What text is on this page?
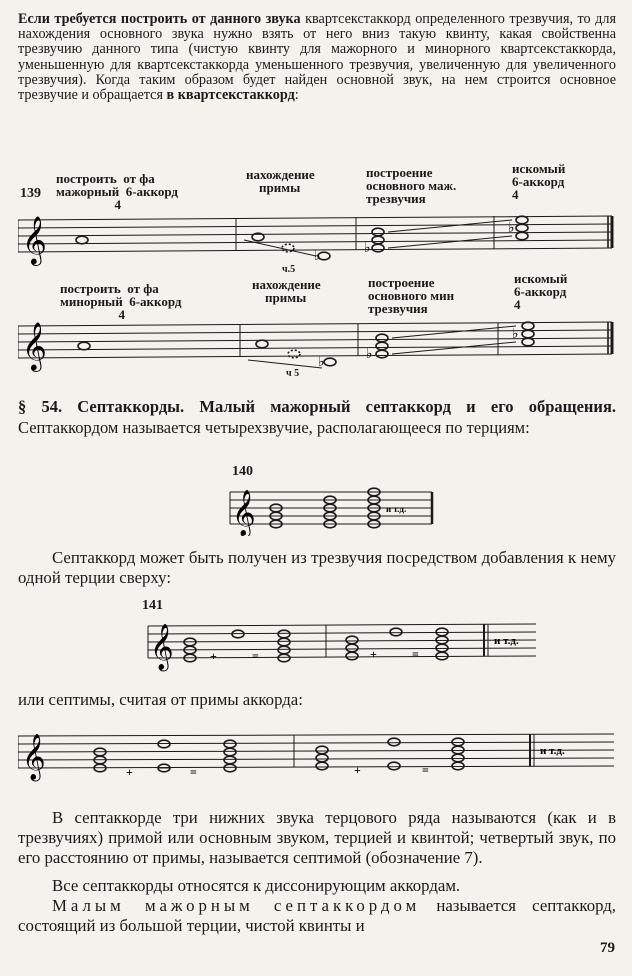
Если требуется построить от данного звука квартсекстаккорд определенного трезвучия, то для нахождения основного звука нужно взять от него вниз такую квинту, какая свойственна трезвучию данного типа (чистую квинту для мажорного и минорного квартсекстаккорда, уменьшенную для квартсекстаккорда уменьшенного трезвучия, увеличенную для увеличенного трезвучия). Когда таким образом будет найден основной звук, на нем строится основное трезвучие и обращается в квартсекстаккорд:
139
построить  от фа
мажорный  6-аккорд
4
нахождение
примы
построение
основного маж.
трезвучия
искомый
6-аккорд
4
𝄞	♭
♭
♭
ч.5
построить  от фа
минорный  6-аккорд
4
нахождение
примы
построение
основного мин
трезвучия
искомый
6-аккорд
4
𝄞	♭
♭
♭
ч 5
§ 54. Септаккорды. Малый мажорный септаккорд и его обращения. Септаккордом называется четырехзвучие, располагающееся по терциям:
140
𝄞	и т.д.
Септаккорд может быть получен из трезвучия посредством добавления к нему одной терции сверху:
141
𝄞	+	=	+	=
и т.д.
или септимы, считая от примы аккорда:
𝄞	+	=	+	=
и т.д.
В септаккорде три нижних звука терцового ряда называются (как и в трезвучиях) примой или основным звуком, терцией и квинтой; четвертый звук, по его расстоянию от примы, называется септимой (обозначение 7).
Все септаккорды относятся к диссонирующим аккордам.
Малым мажорным септаккордом называется септаккорд, состоящий из большой терции, чистой квинты и
79
